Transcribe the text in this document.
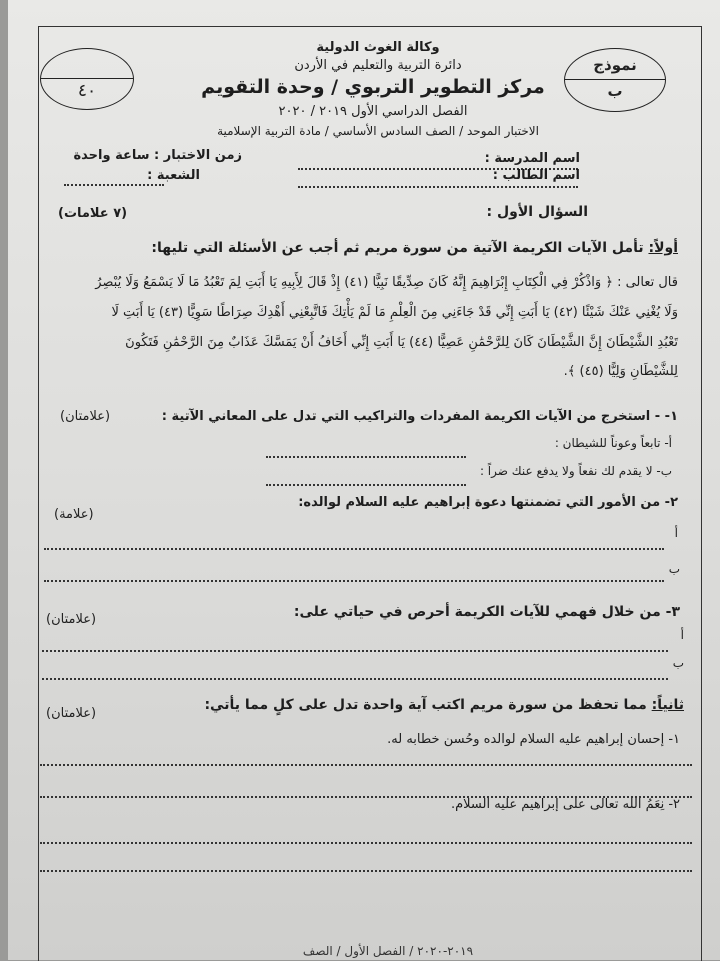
٤٠
نموذج
ب
وكالة الغوث الدولية
دائرة التربية والتعليم في الأردن
مركز التطوير التربوي / وحدة التقويم
الفصل الدراسي الأول ٢٠١٩ / ٢٠٢٠
الاختبار الموحد / الصف السادس الأساسي / مادة التربية الإسلامية
اسم المدرسة :
اسم الطالب :
زمن الاختبار : ساعة واحدة
الشعبة :
السؤال الأول :
(٧ علامات)
أولاً: تأمل الآيات الكريمة الآتية من سورة مريم ثم أجب عن الأسئلة التي تليها:
قال تعالى : ﴿ وَاذْكُرْ فِي الْكِتَابِ إِبْرَاهِيمَ إِنَّهُ كَانَ صِدِّيقًا نَبِيًّا (٤١) إِذْ قَالَ لِأَبِيهِ يَا أَبَتِ لِمَ تَعْبُدُ مَا لَا يَسْمَعُ وَلَا يُبْصِرُ
وَلَا يُغْنِي عَنْكَ شَيْئًا (٤٢) يَا أَبَتِ إِنِّي قَدْ جَاءَنِي مِنَ الْعِلْمِ مَا لَمْ يَأْتِكَ فَاتَّبِعْنِي أَهْدِكَ صِرَاطًا سَوِيًّا (٤٣) يَا أَبَتِ لَا
تَعْبُدِ الشَّيْطَانَ إِنَّ الشَّيْطَانَ كَانَ لِلرَّحْمَٰنِ عَصِيًّا (٤٤) يَا أَبَتِ إِنِّي أَخَافُ أَنْ يَمَسَّكَ عَذَابٌ مِنَ الرَّحْمَٰنِ فَتَكُونَ
لِلشَّيْطَانِ وَلِيًّا (٤٥) ﴾.
١- - استخرج من الآيات الكريمة المفردات والتراكيب التي تدل على المعاني الآتية :
(علامتان)
أ- تابعاً وعوناً للشيطان :
ب- لا يقدم لك نفعاً ولا يدفع عنك ضراً :
٢- من الأمور التي تضمنتها دعوة إبراهيم عليه السلام لوالده:
(علامة)
أ
ب
٣- من خلال فهمي للآيات الكريمة أحرص في حياتي على:
(علامتان)
أ
ب
ثانياً: مما تحفظ من سورة مريم اكتب آية واحدة تدل على كلٍ مما يأتي:
(علامتان)
١- إحسان إبراهيم عليه السلام لوالده وحُسن خطابه له.
٢- نِعَمُ الله تعالى على إبراهيم عليه السلام.
٢٠١٩-٢٠٢٠ / الفصل الأول / الصف
